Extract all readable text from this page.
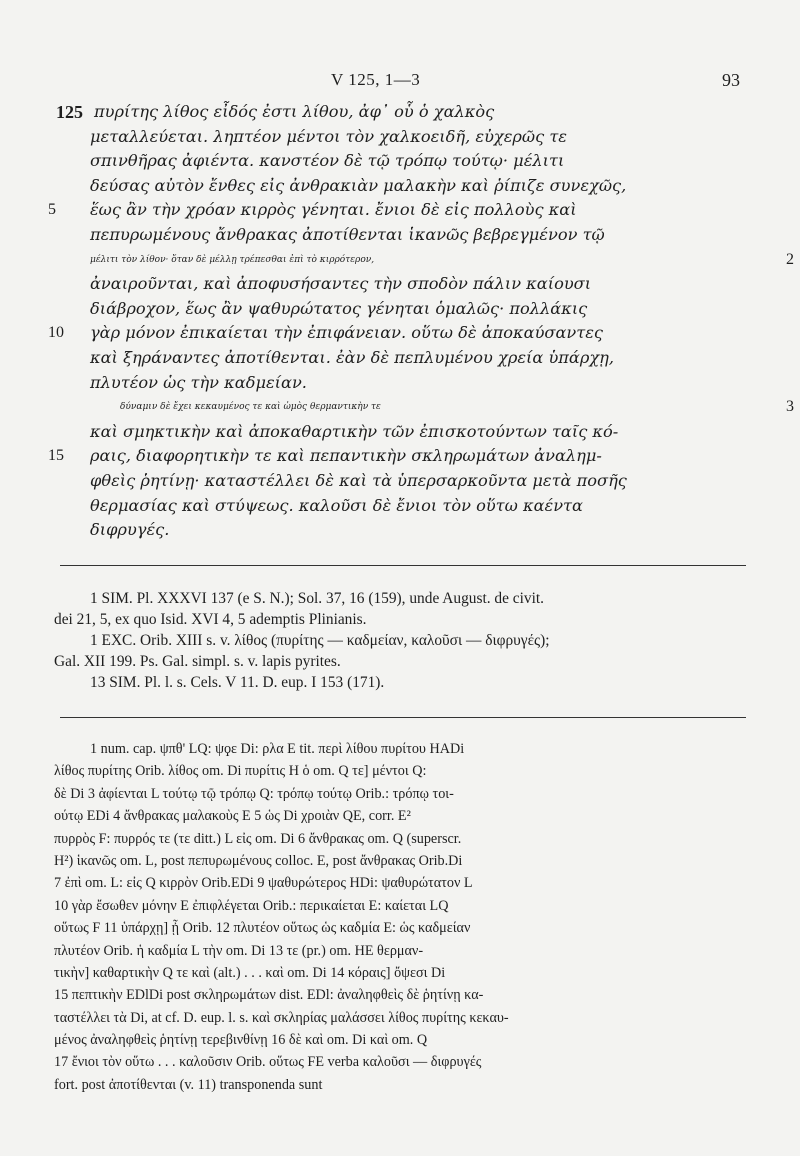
V 125, 1—3	93
125 πυρίτης λίθος εἶδός ἐστι λίθου, ἀφ᾽ οὗ ὁ χαλκὸς
μεταλλεύεται. ληπτέον μέντοι τὸν χαλκοειδῆ, εὐχερῶς τε
σπινθῆρας ἀφιέντα. κανστέον δὲ τῷ τρόπῳ τούτῳ· μέλιτι
δεύσας αὐτὸν ἔνθες εἰς ἀνθρακιὰν μαλακὴν καὶ ῥίπιζε συνεχῶς,
5 ἕως ἂν τὴν χρόαν κιρρὸς γένηται. ἔνιοι δὲ εἰς πολλοὺς καὶ
πεπυρωμένους ἄνθρακας ἀποτίθενται ἱκανῶς βεβρεγμένον τῷ
μέλιτι τὸν λίθον· ὅταν δὲ μέλλῃ τρέπεσθαι ἐπὶ τὸ κιρρότερον,	2
ἀναιροῦνται, καὶ ἀποφυσήσαντες τὴν σποδὸν πάλιν καίουσι
διάβροχον, ἕως ἂν ψαθυρώτατος γένηται ὁμαλῶς· πολλάκις
10 γὰρ μόνον ἐπικαίεται τὴν ἐπιφάνειαν. οὕτω δὲ ἀποκαύσαντες
καὶ ξηράναντες ἀποτίθενται. ἐὰν δὲ πεπλυμένου χρεία ὑπάρχῃ,
πλυτέον ὡς τὴν καδμείαν.
δύναμιν δὲ ἔχει κεκαυμένος τε καὶ ὠμὸς θερμαντικὴν τε	3
καὶ σμηκτικὴν καὶ ἀποκαθαρτικὴν τῶν ἐπισκοτούντων ταῖς κό-
15 ραις, διαφορητικὴν τε καὶ πεπαντικὴν σκληρωμάτων ἀναλημ-
φθεὶς ῥητίνῃ· καταστέλλει δὲ καὶ τὰ ὑπερσαρκοῦντα μετὰ ποσῆς
θερμασίας καὶ στύψεως. καλοῦσι δὲ ἔνιοι τὸν οὕτω καέντα
διφρυγές.
1 SIM. Pl. XXXVI 137 (e S. N.); Sol. 37, 16 (159), unde August. de civit.
dei 21, 5, ex quo Isid. XVI 4, 5 ademptis Plinianis.
1 EXC. Orib. XIII s. v. λίθος (πυρίτης — καδμείαν, καλοῦσι — διφρυγές);
Gal. XII 199. Ps. Gal. simpl. s. v. lapis pyrites.
13 SIM. Pl. l. s. Cels. V 11. D. eup. I 153 (171).
1 num. cap. ψπθ' LQ: ψϙε Di: ρλα E tit. περὶ λίθου πυρίτου HADi
λίθος πυρίτης Orib. λίθος om. Di πυρίτις H ὁ om. Q τε] μέντοι Q:
δὲ Di 3 ἀφίενται L τούτῳ τῷ τρόπῳ Q: τρόπῳ τούτῳ Orib.: τρόπῳ τοι-
ούτῳ EDi 4 ἄνθρακας μαλακοὺς E 5 ὡς Di χροιὰν QE, corr. E²
πυρρὸς F: πυρρός τε (τε ditt.) L εἰς om. Di 6 ἄνθρακας om. Q (superscr.
H²) ἱκανῶς om. L, post πεπυρωμένους colloc. E, post ἄνθρακας Orib.Di
7 ἐπὶ om. L: εἰς Q κιρρὸν Orib.EDi 9 ψαθυρώτερος HDi: ψαθυρώτατον L
10 γὰρ ἔσωθεν μόνην E ἐπιφλέγεται Orib.: περικαίεται E: καίεται LQ
οὕτως F 11 ὑπάρχῃ] ᾖ Orib. 12 πλυτέον οὕτως ὡς καδμία E: ὡς καδμείαν
πλυτέον Orib. ἡ καδμία L τὴν om. Di 13 τε (pr.) om. HE θερμαν-
τικὴν] καθαρτικὴν Q τε καὶ (alt.) . . . καὶ om. Di 14 κόραις] ὄψεσι Di
15 πεπτικὴν EDlDi post σκληρωμάτων dist. EDl: ἀναληφθεὶς δὲ ῥητίνῃ κα-
ταστέλλει τὰ Di, at cf. D. eup. l. s. καὶ σκληρίας μαλάσσει λίθος πυρίτης κεκαυ-
μένος ἀναληφθεὶς ῥητίνῃ τερεβινθίνῃ 16 δὲ καὶ om. Di καὶ om. Q
17 ἔνιοι τὸν οὕτω . . . καλοῦσιν Orib. οὕτως FE verba καλοῦσι — διφρυγές
fort. post ἀποτίθενται (v. 11) transponenda sunt
